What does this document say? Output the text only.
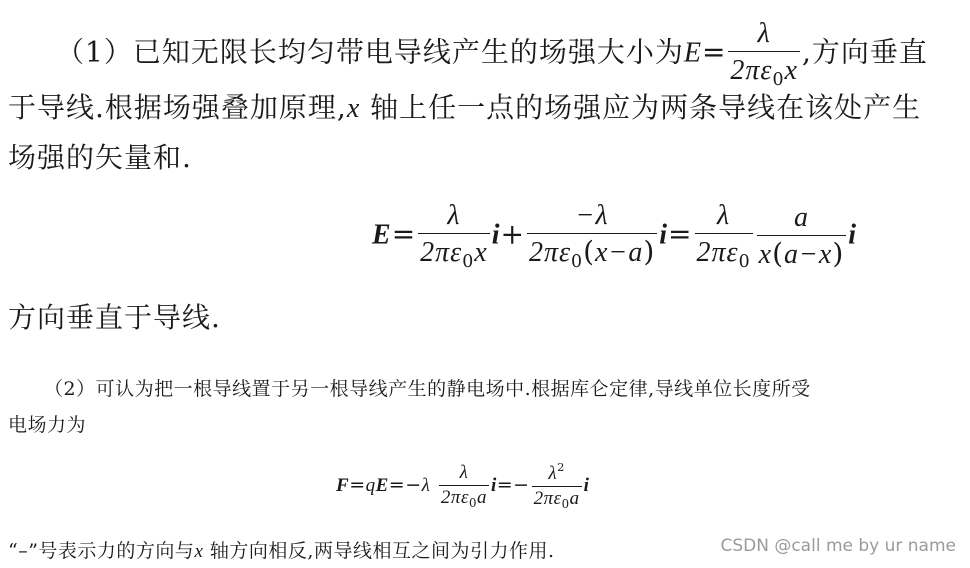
（1）已知无限长均匀带电导线产生的场强大小为$E= \frac{\lambda}{2\pi\varepsilon_0x}$ ,方向垂直
于导线.根据场强叠加原理,x 轴上任一点的场强应为两条导线在该处产生
场强的矢量和.
$E= \frac{\lambda}{2\pi\varepsilon_0x} i+ \frac{-\lambda}{2\pi\varepsilon_0(x-a)} i= \frac{\lambda}{2\pi\varepsilon_0} \frac{a}{x(a-x)}$ i
方向垂直于导线.
（2）可认为把一根导线置于另一根导线产生的静电场中.根据库仑定律,导线单位长度所受
电场力为
$F=qE=-\lambda \frac{\lambda}{2\pi\varepsilon_0a} i=- \frac{\lambda^2}{2\pi\varepsilon_0a}$ i
“–”号表示力的方向与x 轴方向相反,两导线相互之间为引力作用.	CSDN @call me by ur name
